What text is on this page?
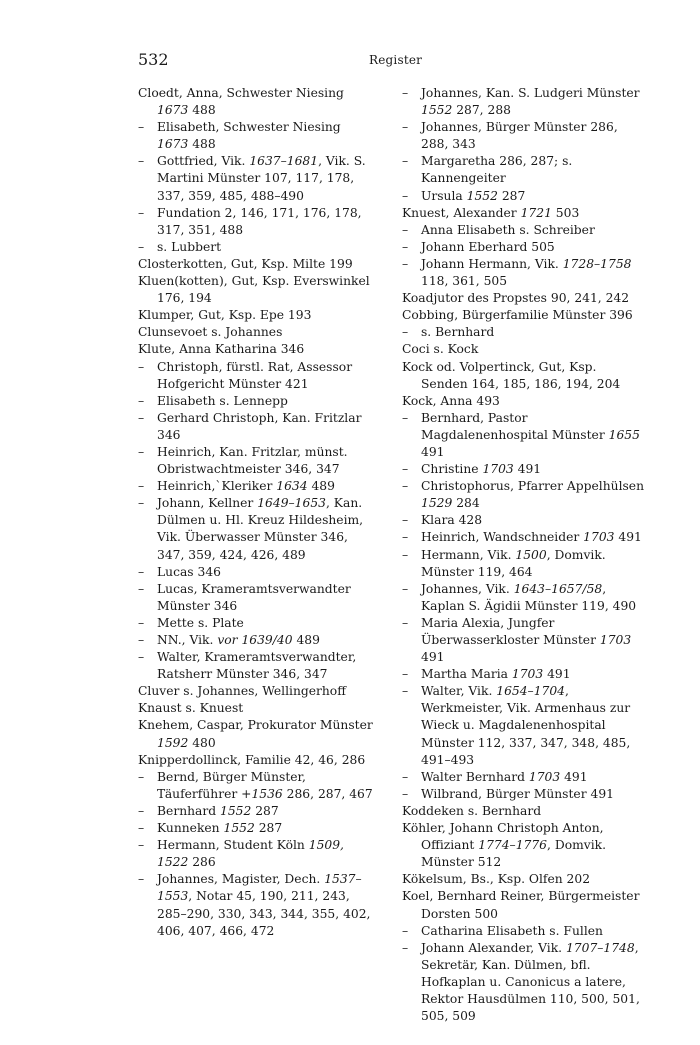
532	Register

Cloedt, Anna, Schwester Niesing 1673 488

– Elisabeth, Schwester Niesing 1673 488

– Gottfried, Vik. 1637–1681, Vik. S. Martini Münster 107, 117, 178, 337, 359, 485, 488–490

– Fundation 2, 146, 171, 176, 178, 317, 351, 488

– s. Lubbert

Closterkotten, Gut, Ksp. Milte 199

Kluen(kotten), Gut, Ksp. Everswinkel 176, 194

Klumper, Gut, Ksp. Epe 193

Clunsevoet s. Johannes

Klute, Anna Katharina 346

– Christoph, fürstl. Rat, Assessor Hofgericht Münster 421

– Elisabeth s. Lennepp

– Gerhard Christoph, Kan. Fritzlar 346

– Heinrich, Kan. Fritzlar, münst. Obristwachtmeister 346, 347

– Heinrich,`Kleriker 1634 489

– Johann, Kellner 1649–1653, Kan. Dülmen u. Hl. Kreuz Hildesheim, Vik. Überwasser Münster 346, 347, 359, 424, 426, 489

– Lucas 346

– Lucas, Krameramtsverwandter Münster 346

– Mette s. Plate

– NN., Vik. vor 1639/40 489

– Walter, Krameramtsverwandter, Ratsherr Münster 346, 347

Cluver s. Johannes, Wellingerhoff

Knaust s. Knuest

Knehem, Caspar, Prokurator Münster 1592 480

Knipperdollinck, Familie 42, 46, 286

– Bernd, Bürger Münster, Täuferführer +1536 286, 287, 467

– Bernhard 1552 287

– Kunneken 1552 287

– Hermann, Student Köln 1509, 1522 286

– Johannes, Magister, Dech. 1537–1553, Notar 45, 190, 211, 243, 285–290, 330, 343, 344, 355, 402, 406, 407, 466, 472

– Johannes, Kan. S. Ludgeri Münster 1552 287, 288

– Johannes, Bürger Münster 286, 288, 343

– Margaretha 286, 287; s. Kannengeiter

– Ursula 1552 287

Knuest, Alexander 1721 503

– Anna Elisabeth s. Schreiber

– Johann Eberhard 505

– Johann Hermann, Vik. 1728–1758 118, 361, 505

Koadjutor des Propstes 90, 241, 242

Cobbing, Bürgerfamilie Münster 396

– s. Bernhard

Coci s. Kock

Kock od. Volpertinck, Gut, Ksp. Senden 164, 185, 186, 194, 204

Kock, Anna 493

– Bernhard, Pastor Magdalenenhospital Münster 1655 491

– Christine 1703 491

– Christophorus, Pfarrer Appelhülsen 1529 284

– Klara 428

– Heinrich, Wandschneider 1703 491

– Hermann, Vik. 1500, Domvik. Münster 119, 464

– Johannes, Vik. 1643–1657/58, Kaplan S. Ägidii Münster 119, 490

– Maria Alexia, Jungfer Überwasserkloster Münster 1703 491

– Martha Maria 1703 491

– Walter, Vik. 1654–1704, Werkmeister, Vik. Armenhaus zur Wieck u. Magdalenenhospital Münster 112, 337, 347, 348, 485, 491–493

– Walter Bernhard 1703 491

– Wilbrand, Bürger Münster 491

Koddeken s. Bernhard

Köhler, Johann Christoph Anton, Offiziant 1774–1776, Domvik. Münster 512

Kökelsum, Bs., Ksp. Olfen 202

Koel, Bernhard Reiner, Bürgermeister Dorsten 500

– Catharina Elisabeth s. Fullen

– Johann Alexander, Vik. 1707–1748, Sekretär, Kan. Dülmen, bfl. Hofkaplan u. Canonicus a latere, Rektor Hausdülmen 110, 500, 501, 505, 509
